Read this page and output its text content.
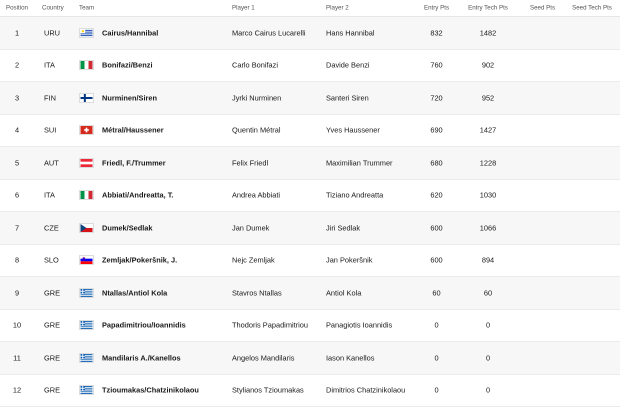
Position	Country	Team	Player 1	Player 2	Entry Pts	Entry Tech Pts	Seed Pts	Seed Tech Pts
1	URU	Cairus/Hannibal	Marco Cairus Lucarelli	Hans Hannibal	832	1482
2	ITA	Bonifazi/Benzi	Carlo Bonifazi	Davide Benzi	760	902
3	FIN	Nurminen/Siren	Jyrki Nurminen	Santeri Siren	720	952
4	SUI	Métral/Haussener	Quentin Métral	Yves Haussener	690	1427
5	AUT	Friedl, F./Trummer	Felix Friedl	Maximilian Trummer	680	1228
6	ITA	Abbiati/Andreatta, T.	Andrea Abbiati	Tiziano Andreatta	620	1030
7	CZE	Dumek/Sedlak	Jan Dumek	Jiri Sedlak	600	1066
8	SLO	Zemljak/Pokeršnik, J.	Nejc Zemljak	Jan Pokeršnik	600	894
9	GRE	Ntallas/Antiol Kola	Stavros Ntallas	Antiol Kola	60	60
10	GRE	Papadimitriou/Ioannidis	Thodoris Papadimitriou	Panagiotis Ioannidis	0	0
11	GRE	Mandilaris A./Kanellos	Angelos Mandilaris	Iason Kanellos	0	0
12	GRE	Tzioumakas/Chatzinikolaou	Stylianos Tzioumakas	Dimitrios Chatzinikolaou	0	0
